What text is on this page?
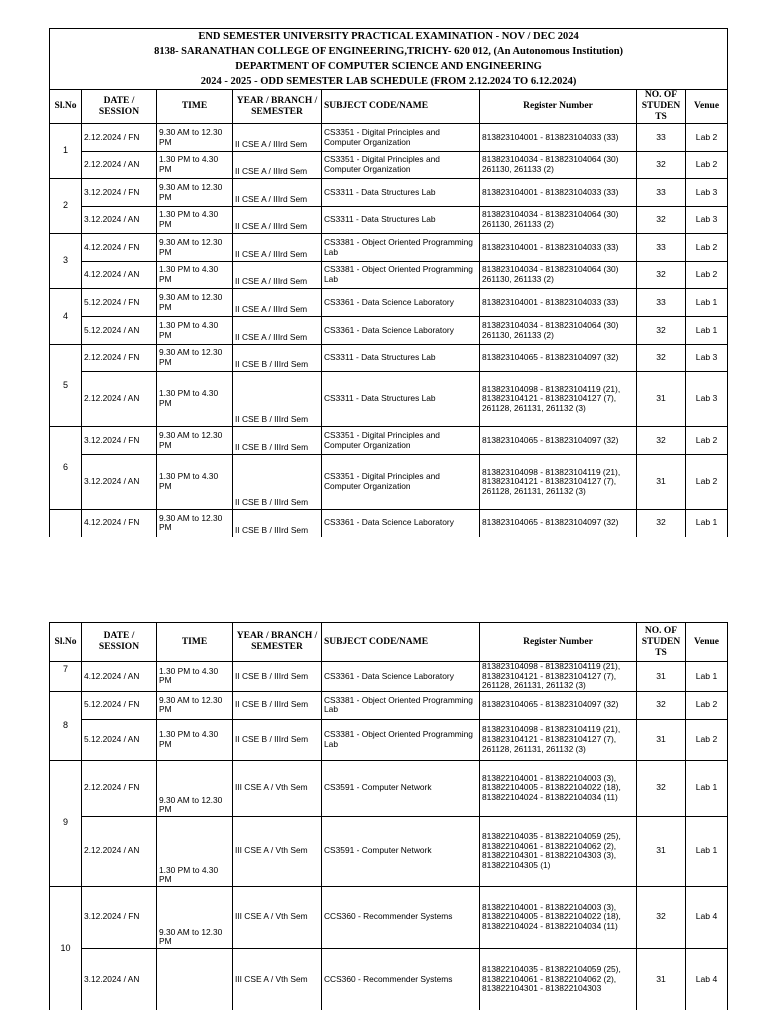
END SEMESTER UNIVERSITY PRACTICAL EXAMINATION - NOV / DEC 2024							
8138- SARANATHAN COLLEGE OF ENGINEERING,TRICHY- 620 012, (An Autonomous Institution)							
DEPARTMENT OF COMPUTER SCIENCE AND ENGINEERING							
2024 - 2025 - ODD SEMESTER LAB SCHEDULE (FROM 2.12.2024 TO 6.12.2024)							
Sl.No	DATE / SESSION	TIME	YEAR / BRANCH / SEMESTER	SUBJECT CODE/NAME	Register Number	NO. OF STUDEN TS	Venue
1	2.12.2024 / FN	9.30 AM to 12.30 PM	II CSE A / IIIrd Sem	CS3351 - Digital Principles and Computer Organization	813823104001 - 813823104033 (33)	33	Lab 2
	2.12.2024 / AN	1.30 PM to 4.30 PM	II CSE A / IIIrd Sem	CS3351 - Digital Principles and Computer Organization	813823104034 - 813823104064 (30) 261130, 261133 (2)	32	Lab 2
2	3.12.2024 / FN	9.30 AM to 12.30 PM	II CSE A / IIIrd Sem	CS3311 - Data Structures Lab	813823104001 - 813823104033 (33)	33	Lab 3
	3.12.2024 / AN	1.30 PM to 4.30 PM	II CSE A / IIIrd Sem	CS3311 - Data Structures Lab	813823104034 - 813823104064 (30) 261130, 261133 (2)	32	Lab 3
3	4.12.2024 / FN	9.30 AM to 12.30 PM	II CSE A / IIIrd Sem	CS3381 - Object Oriented Programming Lab	813823104001 - 813823104033 (33)	33	Lab 2
	4.12.2024 / AN	1.30 PM to 4.30 PM	II CSE A / IIIrd Sem	CS3381 - Object Oriented Programming Lab	813823104034 - 813823104064 (30) 261130, 261133 (2)	32	Lab 2
4	5.12.2024 / FN	9.30 AM to 12.30 PM	II CSE A / IIIrd Sem	CS3361 - Data Science Laboratory	813823104001 - 813823104033 (33)	33	Lab 1
	5.12.2024 / AN	1.30 PM to 4.30 PM	II CSE A / IIIrd Sem	CS3361 - Data Science Laboratory	813823104034 - 813823104064 (30) 261130, 261133 (2)	32	Lab 1
5	2.12.2024 / FN	9.30 AM to 12.30 PM	II CSE B / IIIrd Sem	CS3311 - Data Structures Lab	813823104065 - 813823104097 (32)	32	Lab 3
	2.12.2024 / AN	1.30 PM to 4.30 PM	II CSE B / IIIrd Sem	CS3311 - Data Structures Lab	813823104098 - 813823104119 (21), 813823104121 - 813823104127 (7), 261128, 261131, 261132 (3)	31	Lab 3
6	3.12.2024 / FN	9.30 AM to 12.30 PM	II CSE B / IIIrd Sem	CS3351 - Digital Principles and Computer Organization	813823104065 - 813823104097 (32)	32	Lab 2
	3.12.2024 / AN	1.30 PM to 4.30 PM	II CSE B / IIIrd Sem	CS3351 - Digital Principles and Computer Organization	813823104098 - 813823104119 (21), 813823104121 - 813823104127 (7), 261128, 261131, 261132 (3)	31	Lab 2
	4.12.2024 / FN	9.30 AM to 12.30 PM	II CSE B / IIIrd Sem	CS3361 - Data Science Laboratory	813823104065 - 813823104097 (32)	32	Lab 1
Sl.No	DATE / SESSION	TIME	YEAR / BRANCH / SEMESTER	SUBJECT CODE/NAME	Register Number	NO. OF STUDEN TS	Venue
7	4.12.2024 / AN	1.30 PM to 4.30 PM	II CSE B / IIIrd Sem	CS3361 - Data Science Laboratory	813823104098 - 813823104119 (21), 813823104121 - 813823104127 (7), 261128, 261131, 261132 (3)	31	Lab 1
8	5.12.2024 / FN	9.30 AM to 12.30 PM	II CSE B / IIIrd Sem	CS3381 - Object Oriented Programming Lab	813823104065 - 813823104097 (32)	32	Lab 2
	5.12.2024 / AN	1.30 PM to 4.30 PM	II CSE B / IIIrd Sem	CS3381 - Object Oriented Programming Lab	813823104098 - 813823104119 (21), 813823104121 - 813823104127 (7), 261128, 261131, 261132 (3)	31	Lab 2
9	2.12.2024 / FN	9.30 AM to 12.30 PM	III CSE A / Vth Sem	CS3591 - Computer Network	813822104001 - 813822104003 (3), 813822104005 - 813822104022 (18), 813822104024 - 813822104034 (11)	32	Lab 1
	2.12.2024 / AN	1.30 PM to 4.30 PM	III CSE A / Vth Sem	CS3591 - Computer Network	813822104035 - 813822104059 (25), 813822104061 - 813822104062 (2), 813822104301 - 813822104303 (3), 813822104305 (1)	31	Lab 1
10	3.12.2024 / FN	9.30 AM to 12.30 PM	III CSE A / Vth Sem	CCS360 - Recommender Systems	813822104001 - 813822104003 (3), 813822104005 - 813822104022 (18), 813822104024 - 813822104034 (11)	32	Lab 4
	3.12.2024 / AN		III CSE A / Vth Sem	CCS360 - Recommender Systems	813822104035 - 813822104059 (25), 813822104061 - 813822104062 (2), 813822104301 - 813822104303	31	Lab 4
